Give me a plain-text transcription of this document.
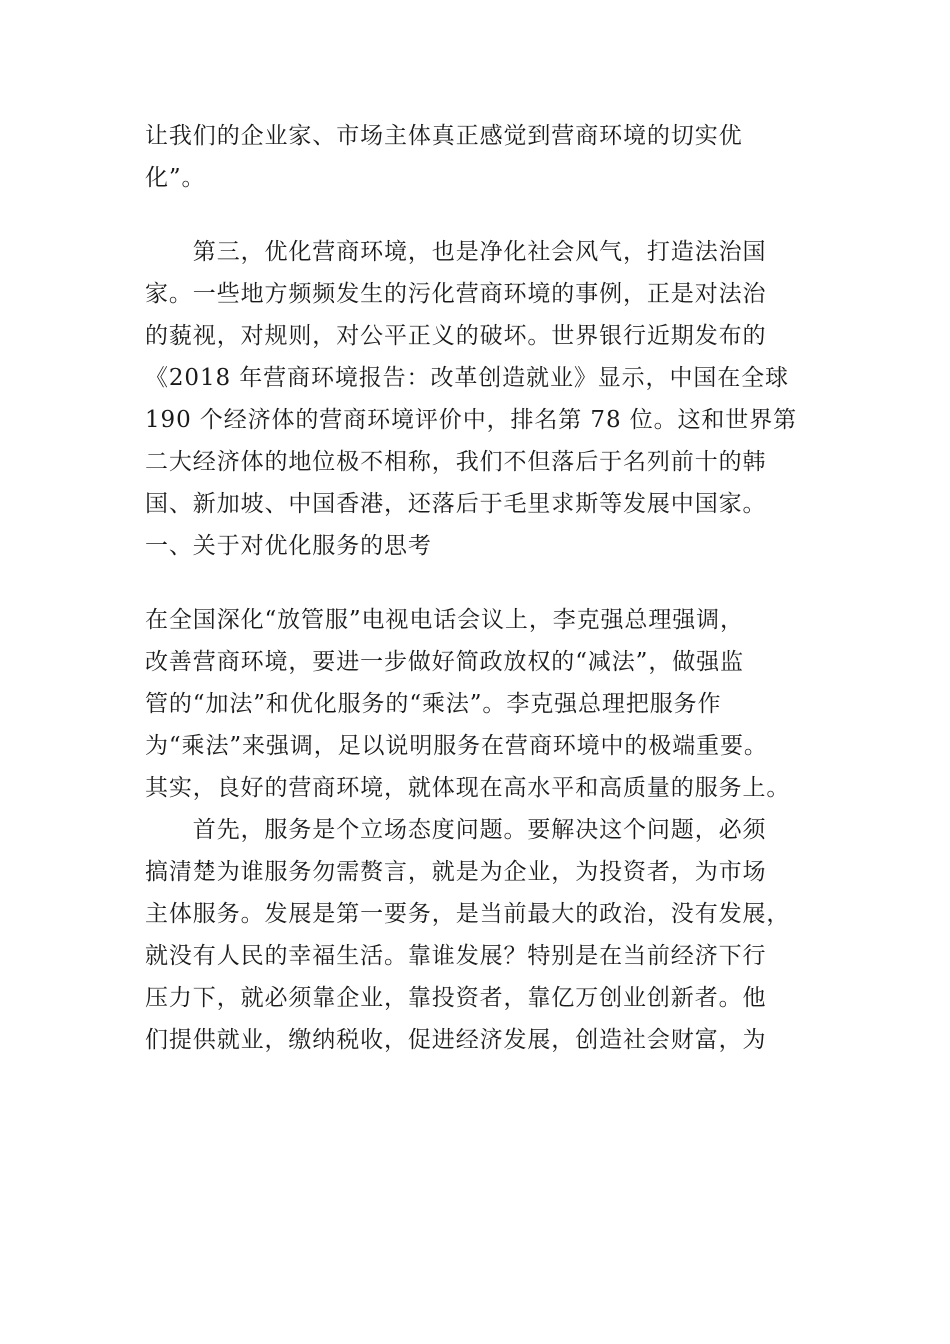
让我们的企业家、市场主体真正感觉到营商环境的切实优
化”。
　　第三，优化营商环境，也是净化社会风气，打造法治国
家。一些地方频频发生的污化营商环境的事例，正是对法治
的藐视，对规则，对公平正义的破坏。世界银行近期发布的
《2018 年营商环境报告：改革创造就业》显示，中国在全球
190 个经济体的营商环境评价中，排名第 78 位。这和世界第
二大经济体的地位极不相称，我们不但落后于名列前十的韩
国、新加坡、中国香港，还落后于毛里求斯等发展中国家。
一、关于对优化服务的思考
在全国深化“放管服”电视电话会议上，李克强总理强调，
改善营商环境，要进一步做好简政放权的“减法”，做强监
管的“加法”和优化服务的“乘法”。李克强总理把服务作
为“乘法”来强调，足以说明服务在营商环境中的极端重要。
其实，良好的营商环境，就体现在高水平和高质量的服务上。
　　首先，服务是个立场态度问题。要解决这个问题，必须
搞清楚为谁服务勿需赘言，就是为企业，为投资者，为市场
主体服务。发展是第一要务，是当前最大的政治，没有发展，
就没有人民的幸福生活。靠谁发展？特别是在当前经济下行
压力下，就必须靠企业，靠投资者，靠亿万创业创新者。他
们提供就业，缴纳税收，促进经济发展，创造社会财富，为
